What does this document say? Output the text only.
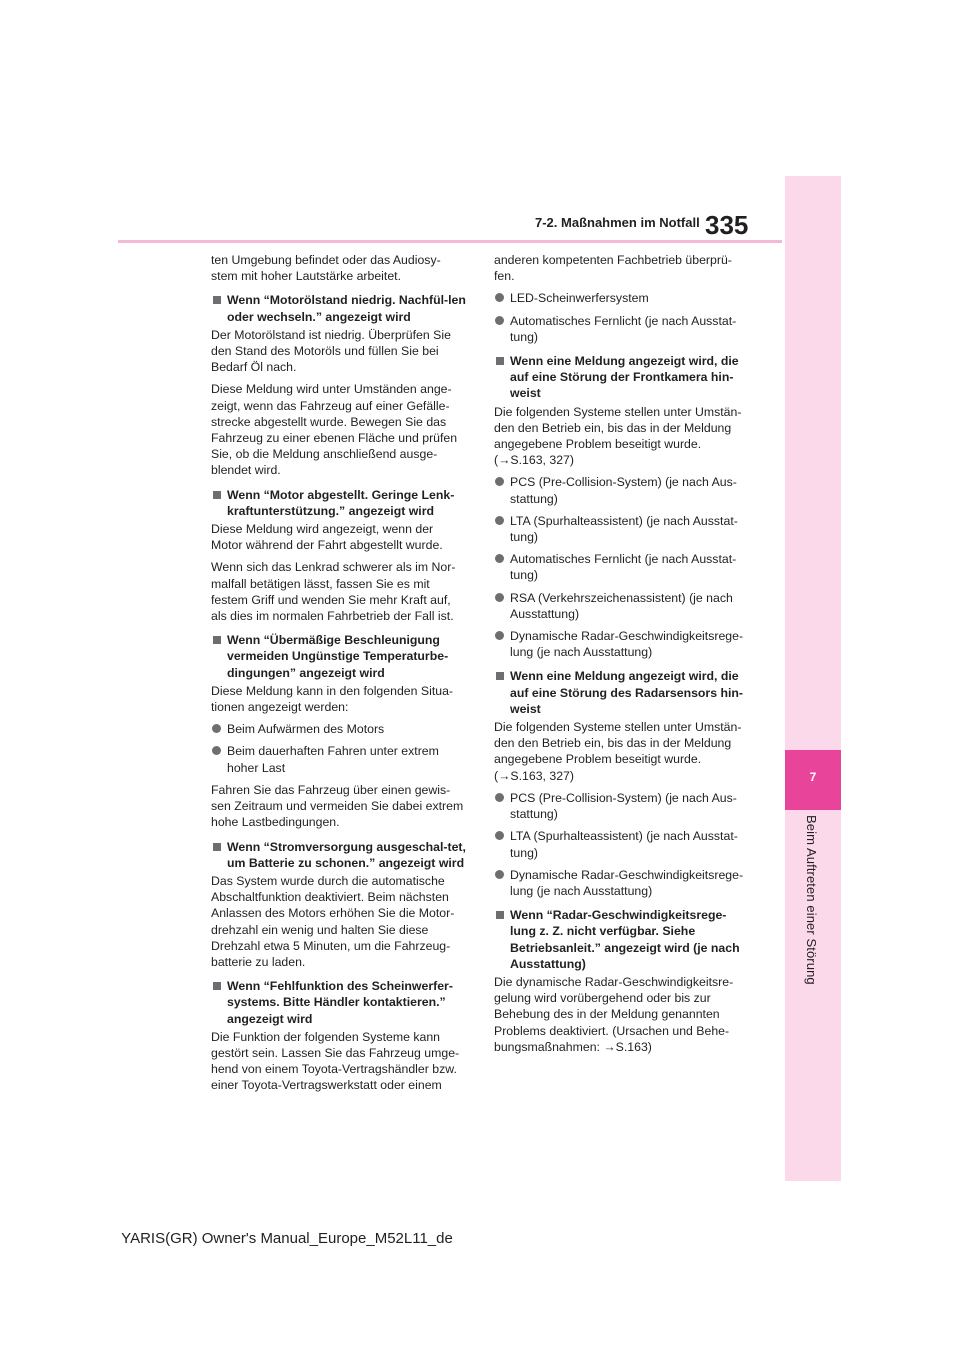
7
Beim Auftreten einer Störung
7-2. Maßnahmen im Notfall 335

ten Umgebung befindet oder das Audiosy-stem mit hoher Lautstärke arbeitet.

Wenn “Motorölstand niedrig. Nachfül-len oder wechseln.” angezeigt wird

Der Motorölstand ist niedrig. Überprüfen Sie den Stand des Motoröls und füllen Sie bei Bedarf Öl nach.

Diese Meldung wird unter Umständen ange-zeigt, wenn das Fahrzeug auf einer Gefälle-strecke abgestellt wurde. Bewegen Sie das Fahrzeug zu einer ebenen Fläche und prüfen Sie, ob die Meldung anschließend ausge-blendet wird.

Wenn “Motor abgestellt. Geringe Lenk-kraftunterstützung.” angezeigt wird

Diese Meldung wird angezeigt, wenn der Motor während der Fahrt abgestellt wurde.

Wenn sich das Lenkrad schwerer als im Nor-malfall betätigen lässt, fassen Sie es mit festem Griff und wenden Sie mehr Kraft auf, als dies im normalen Fahrbetrieb der Fall ist.

Wenn “Übermäßige Beschleunigung vermeiden Ungünstige Temperaturbe-dingungen” angezeigt wird

Diese Meldung kann in den folgenden Situa-tionen angezeigt werden:

Beim Aufwärmen des Motors
Beim dauerhaften Fahren unter extrem hoher Last

Fahren Sie das Fahrzeug über einen gewis-sen Zeitraum und vermeiden Sie dabei extrem hohe Lastbedingungen.

Wenn “Stromversorgung ausgeschal-tet, um Batterie zu schonen.” angezeigt wird

Das System wurde durch die automatische Abschaltfunktion deaktiviert. Beim nächsten Anlassen des Motors erhöhen Sie die Motor-drehzahl ein wenig und halten Sie diese Drehzahl etwa 5 Minuten, um die Fahrzeug-batterie zu laden.

Wenn “Fehlfunktion des Scheinwerfer-systems. Bitte Händler kontaktieren.” angezeigt wird

Die Funktion der folgenden Systeme kann gestört sein. Lassen Sie das Fahrzeug umge-hend von einem Toyota-Vertragshändler bzw. einer Toyota-Vertragswerkstatt oder einem

anderen kompetenten Fachbetrieb überprü-fen.

LED-Scheinwerfersystem
Automatisches Fernlicht (je nach Ausstat-tung)
Wenn eine Meldung angezeigt wird, die auf eine Störung der Frontkamera hin-weist

Die folgenden Systeme stellen unter Umstän-den den Betrieb ein, bis das in der Meldung angegebene Problem beseitigt wurde. (→S.163, 327)

PCS (Pre-Collision-System) (je nach Aus-stattung)
LTA (Spurhalteassistent) (je nach Ausstat-tung)
Automatisches Fernlicht (je nach Ausstat-tung)
RSA (Verkehrszeichenassistent) (je nach Ausstattung)
Dynamische Radar-Geschwindigkeitsrege-lung (je nach Ausstattung)
Wenn eine Meldung angezeigt wird, die auf eine Störung des Radarsensors hin-weist

Die folgenden Systeme stellen unter Umstän-den den Betrieb ein, bis das in der Meldung angegebene Problem beseitigt wurde. (→S.163, 327)

PCS (Pre-Collision-System) (je nach Aus-stattung)
LTA (Spurhalteassistent) (je nach Ausstat-tung)
Dynamische Radar-Geschwindigkeitsrege-lung (je nach Ausstattung)
Wenn “Radar-Geschwindigkeitsrege-lung z. Z. nicht verfügbar. Siehe Betriebsanleit.” angezeigt wird (je nach Ausstattung)

Die dynamische Radar-Geschwindigkeitsre-gelung wird vorübergehend oder bis zur Behebung des in der Meldung genannten Problems deaktiviert. (Ursachen und Behe-bungsmaßnahmen: →S.163)

YARIS(GR) Owner's Manual_Europe_M52L11_de
